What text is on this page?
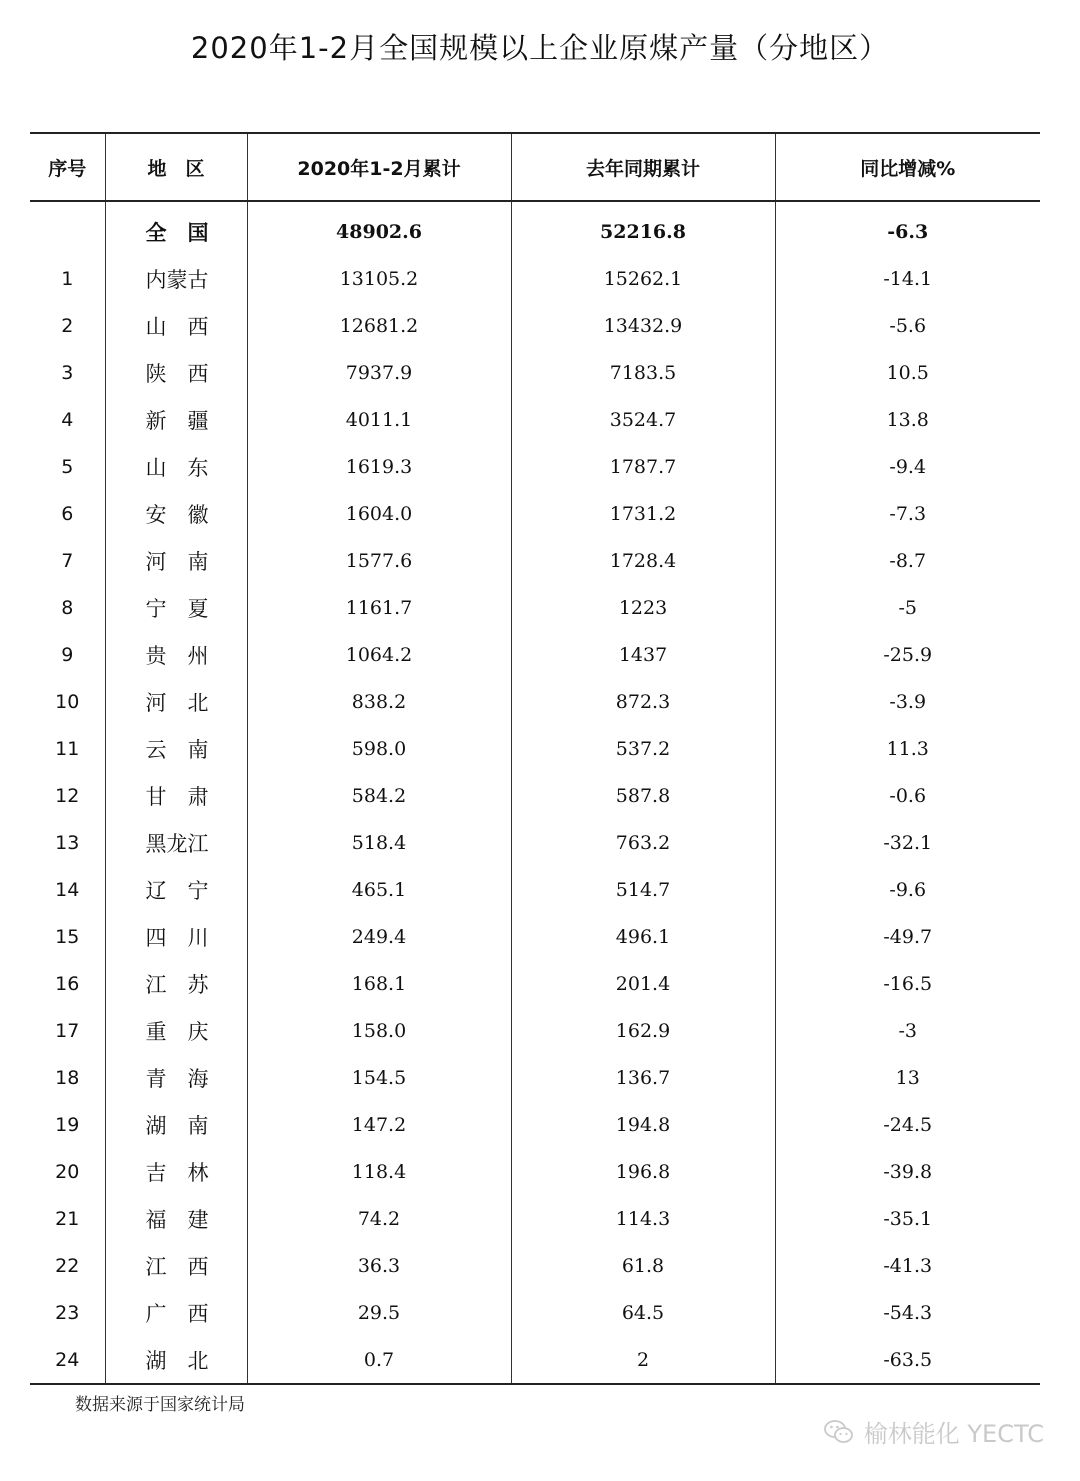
2020年1-2月全国规模以上企业原煤产量（分地区）
序号	地　区	2020年1-2月累计	去年同期累计	同比增减%
	全　国	48902.6	52216.8	-6.3
1	内蒙古	13105.2	15262.1	-14.1
2	山　西	12681.2	13432.9	-5.6
3	陕　西	7937.9	7183.5	10.5
4	新　疆	4011.1	3524.7	13.8
5	山　东	1619.3	1787.7	-9.4
6	安　徽	1604.0	1731.2	-7.3
7	河　南	1577.6	1728.4	-8.7
8	宁　夏	1161.7	1223	-5
9	贵　州	1064.2	1437	-25.9
10	河　北	838.2	872.3	-3.9
11	云　南	598.0	537.2	11.3
12	甘　肃	584.2	587.8	-0.6
13	黑龙江	518.4	763.2	-32.1
14	辽　宁	465.1	514.7	-9.6
15	四　川	249.4	496.1	-49.7
16	江　苏	168.1	201.4	-16.5
17	重　庆	158.0	162.9	-3
18	青　海	154.5	136.7	13
19	湖　南	147.2	194.8	-24.5
20	吉　林	118.4	196.8	-39.8
21	福　建	74.2	114.3	-35.1
22	江　西	36.3	61.8	-41.3
23	广　西	29.5	64.5	-54.3
24	湖　北	0.7	2	-63.5
数据来源于国家统计局
榆林能化 YECTC
